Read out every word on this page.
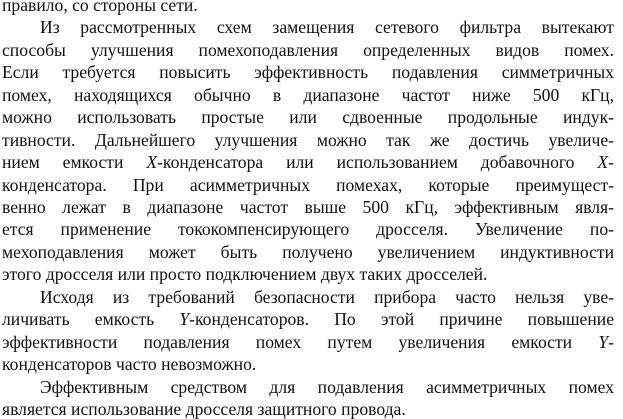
правило, со стороны сети.
Из рассмотренных схем замещения сетевого фильтра вытекают
способы улучшения помехоподавления определенных видов помех.
Если требуется повысить эффективность подавления симметричных
помех, находящихся обычно в диапазоне частот ниже 500 кГц,
можно использовать простые или сдвоенные продольные индук-
тивности. Дальнейшего улучшения можно так же достичь увеличе-
нием емкости X-конденсатора или использованием добавочного X-
конденсатора. При асимметричных помехах, которые преимущест-
венно лежат в диапазоне частот выше 500 кГц, эффективным явля-
ется применение тококомпенсирующего дросселя. Увеличение по-
мехоподавления может быть получено увеличением индуктивности
этого дросселя или просто подключением двух таких дросселей.
Исходя из требований безопасности прибора часто нельзя уве-
личивать емкость Y-конденсаторов. По этой причине повышение
эффективности подавления помех путем увеличения емкости Y-
конденсаторов часто невозможно.
Эффективным средством для подавления асимметричных помех
является использование дросселя защитного провода.
